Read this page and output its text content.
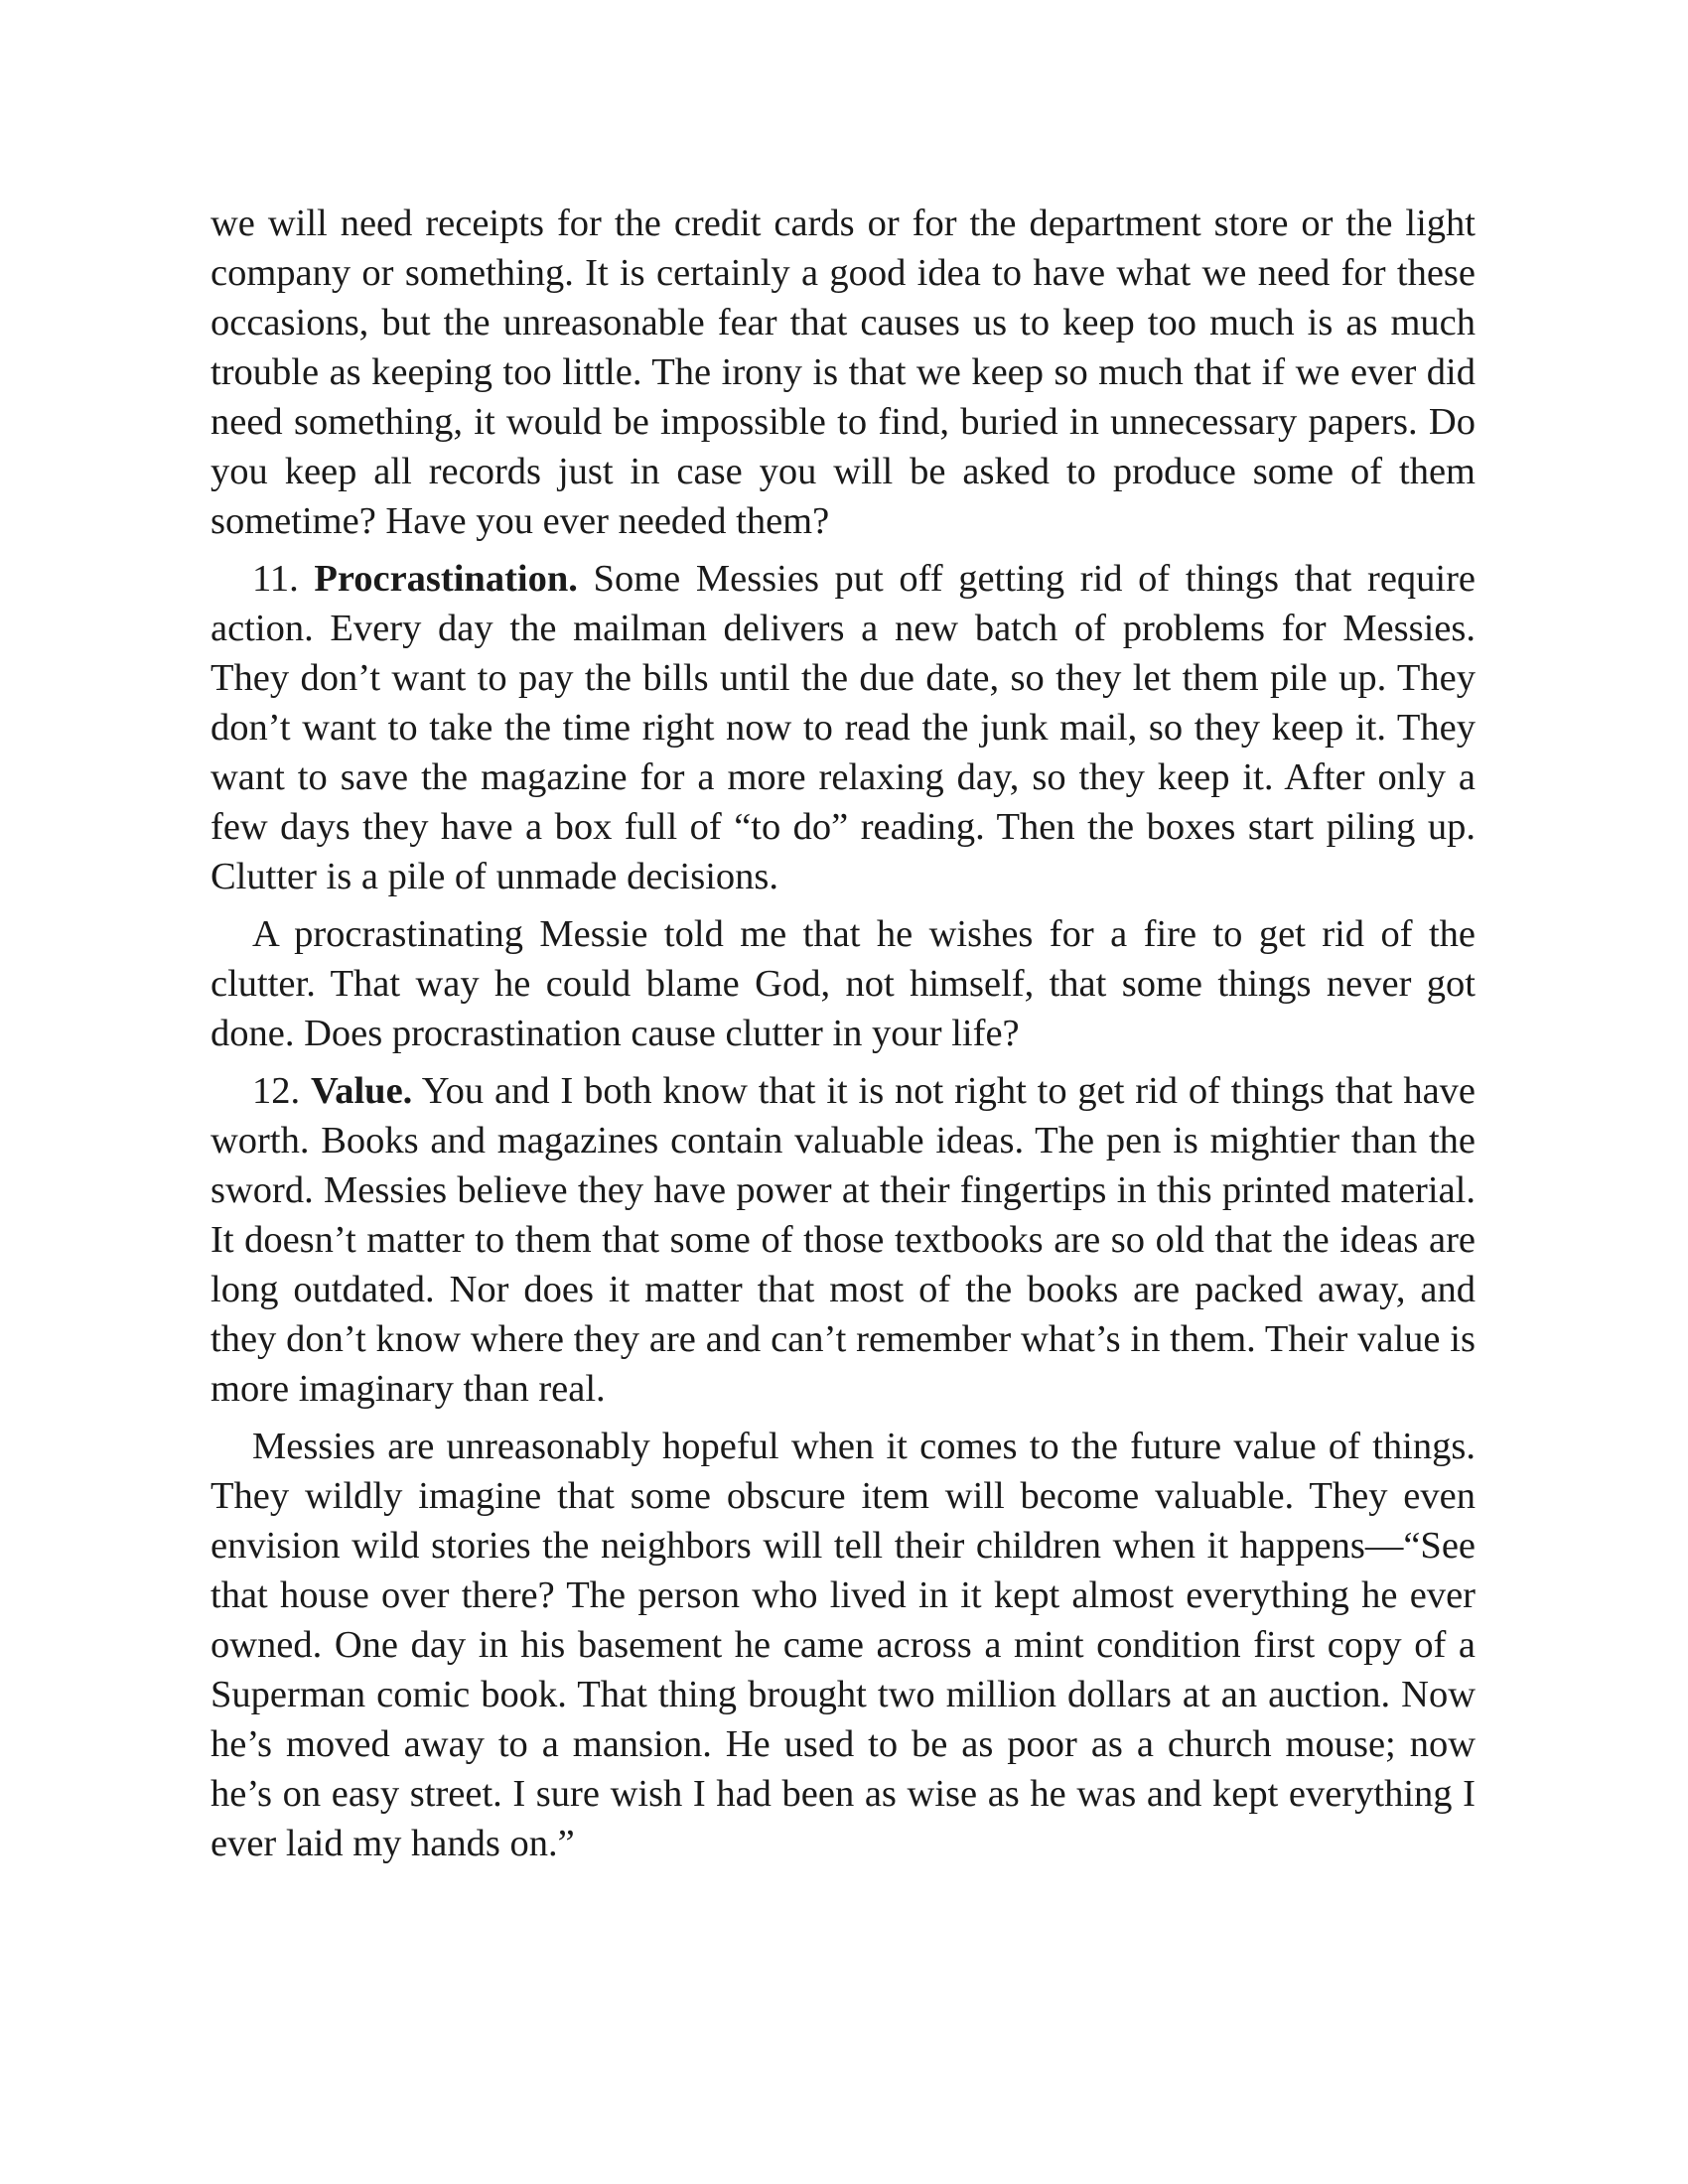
we will need receipts for the credit cards or for the department store or the light company or something. It is certainly a good idea to have what we need for these occasions, but the unreasonable fear that causes us to keep too much is as much trouble as keeping too little. The irony is that we keep so much that if we ever did need something, it would be impossible to find, buried in unnecessary papers. Do you keep all records just in case you will be asked to produce some of them sometime? Have you ever needed them?

11. Procrastination. Some Messies put off getting rid of things that require action. Every day the mailman delivers a new batch of problems for Messies. They don’t want to pay the bills until the due date, so they let them pile up. They don’t want to take the time right now to read the junk mail, so they keep it. They want to save the magazine for a more relaxing day, so they keep it. After only a few days they have a box full of “to do” reading. Then the boxes start piling up. Clutter is a pile of unmade decisions.

A procrastinating Messie told me that he wishes for a fire to get rid of the clutter. That way he could blame God, not himself, that some things never got done. Does procrastination cause clutter in your life?

12. Value. You and I both know that it is not right to get rid of things that have worth. Books and magazines contain valuable ideas. The pen is mightier than the sword. Messies believe they have power at their fingertips in this printed material. It doesn’t matter to them that some of those textbooks are so old that the ideas are long outdated. Nor does it matter that most of the books are packed away, and they don’t know where they are and can’t remember what’s in them. Their value is more imaginary than real.

Messies are unreasonably hopeful when it comes to the future value of things. They wildly imagine that some obscure item will become valuable. They even envision wild stories the neighbors will tell their children when it happens—“See that house over there? The person who lived in it kept almost everything he ever owned. One day in his basement he came across a mint condition first copy of a Superman comic book. That thing brought two million dollars at an auction. Now he’s moved away to a mansion. He used to be as poor as a church mouse; now he’s on easy street. I sure wish I had been as wise as he was and kept everything I ever laid my hands on.”
